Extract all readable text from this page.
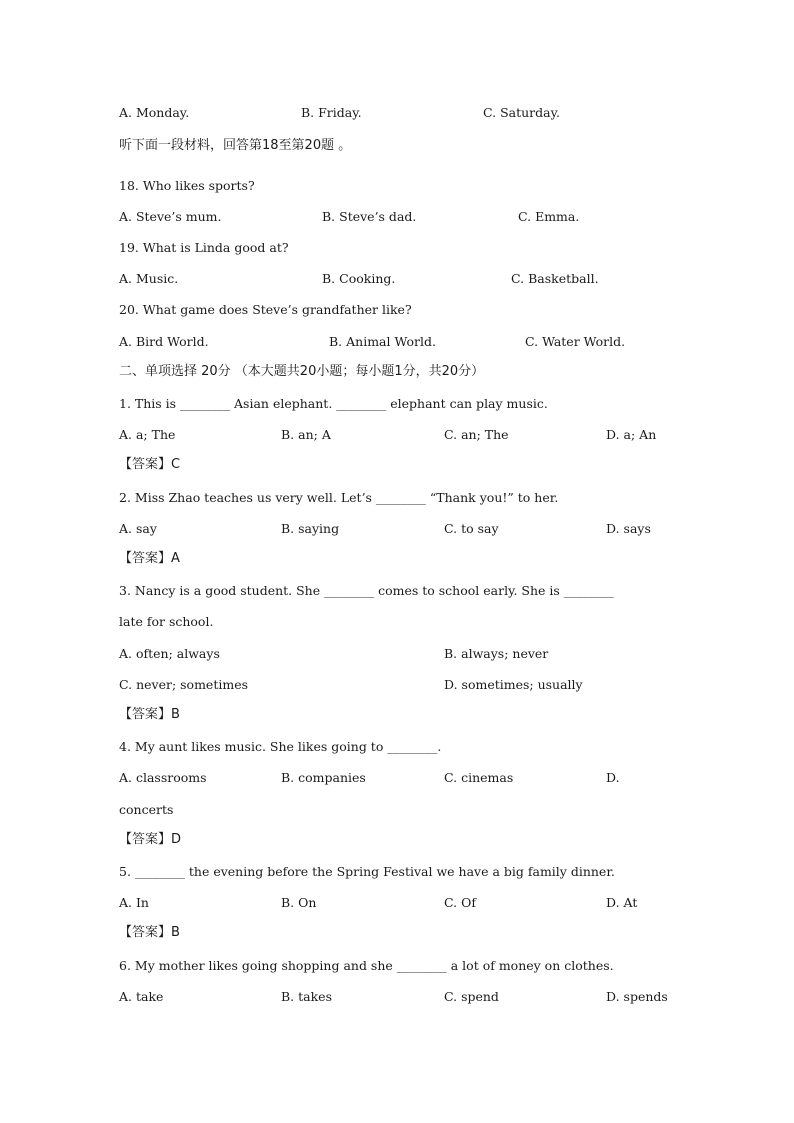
A. Monday.	B. Friday.	C. Saturday.
听下面一段材料，回答第18至第20题 。
18. Who likes sports?
A. Steve’s mum.	B. Steve’s dad.	C. Emma.
19. What is Linda good at?
A. Music.	B. Cooking.	C. Basketball.
20. What game does Steve’s grandfather like?
A. Bird World.	B. Animal World.	C. Water World.
二、单项选择 20分 （本大题共20小题；每小题1分，共20分）
1. This is ________ Asian elephant. ________ elephant can play music.
A. a; The	B. an; A	C. an; The	D. a; An
【答案】C
2. Miss Zhao teaches us very well. Let’s ________ “Thank you!” to her.
A. say	B. saying	C. to say	D. says
【答案】A
3. Nancy is a good student. She ________ comes to school early. She is ________
late for school.
A. often; always	B. always; never
C. never; sometimes	D. sometimes; usually
【答案】B
4. My aunt likes music. She likes going to ________.
A. classrooms	B. companies	C. cinemas	D.
concerts
【答案】D
5. ________ the evening before the Spring Festival we have a big family dinner.
A. In	B. On	C. Of	D. At
【答案】B
6. My mother likes going shopping and she ________ a lot of money on clothes.
A. take	B. takes	C. spend	D. spends
